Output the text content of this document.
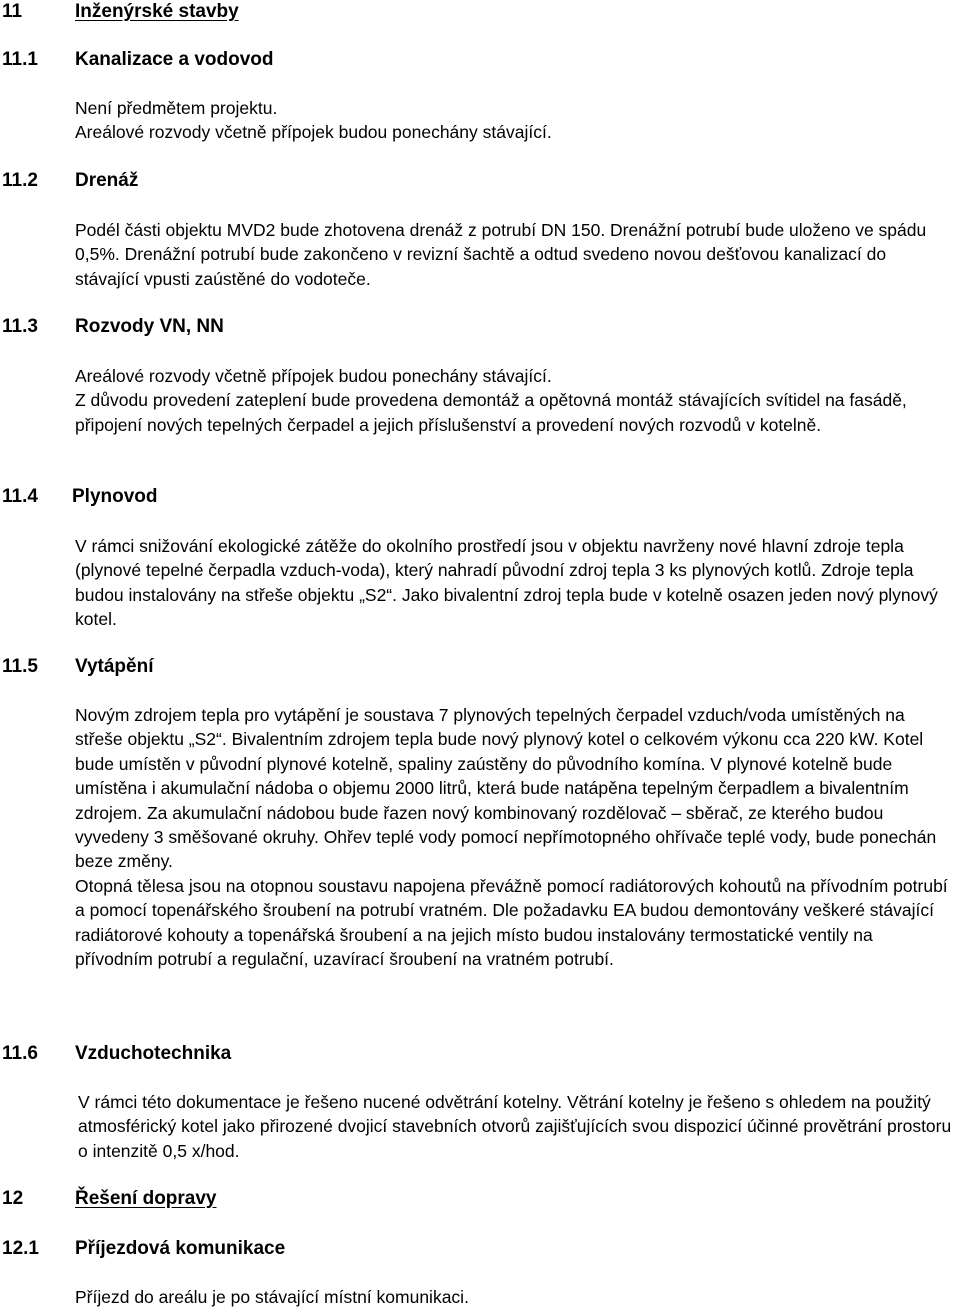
11	Inženýrské stavby
11.1 Kanalizace a vodovod

Není předmětem projektu.

Areálové rozvody včetně přípojek budou ponechány stávající.

11.2 Drenáž

Podél části objektu MVD2 bude zhotovena drenáž z potrubí DN 150. Drenážní potrubí bude uloženo ve spádu 0,5%. Drenážní potrubí bude zakončeno v revizní šachtě a odtud svedeno novou dešťovou kanalizací do stávající vpusti zaústěné do vodoteče.

11.3 Rozvody VN, NN

Areálové rozvody včetně přípojek budou ponechány stávající.

Z důvodu provedení zateplení bude provedena demontáž a opětovná montáž stávajících svítidel na fasádě, připojení nových tepelných čerpadel a jejich příslušenství a provedení nových rozvodů v kotelně.

11.4 Plynovod

V rámci snižování ekologické zátěže do okolního prostředí jsou v objektu navrženy nové hlavní zdroje tepla (plynové tepelné čerpadla vzduch-voda), který nahradí původní zdroj tepla 3 ks plynových kotlů. Zdroje tepla budou instalovány na střeše objektu „S2“. Jako bivalentní zdroj tepla bude v kotelně osazen jeden nový plynový kotel.

11.5 Vytápění

Novým zdrojem tepla pro vytápění je soustava 7 plynových tepelných čerpadel vzduch/voda umístěných na střeše objektu „S2“. Bivalentním zdrojem tepla bude nový plynový kotel o celkovém výkonu cca 220 kW. Kotel bude umístěn v původní plynové kotelně, spaliny zaústěny do původního komína. V plynové kotelně bude umístěna i akumulační nádoba o objemu 2000 litrů, která bude natápěna tepelným čerpadlem a bivalentním zdrojem. Za akumulační nádobou bude řazen nový kombinovaný rozdělovač – sběrač, ze kterého budou vyvedeny 3 směšované okruhy. Ohřev teplé vody pomocí nepřímotopného ohřívače teplé vody, bude ponechán beze změny.

Otopná tělesa jsou na otopnou soustavu napojena převážně pomocí radiátorových kohoutů na přívodním potrubí a pomocí topenářského šroubení na potrubí vratném. Dle požadavku EA budou demontovány veškeré stávající radiátorové kohouty a topenářská šroubení a na jejich místo budou instalovány termostatické ventily na přívodním potrubí a regulační, uzavírací šroubení na vratném potrubí.

11.6 Vzduchotechnika

V rámci této dokumentace je řešeno nucené odvětrání kotelny. Větrání kotelny je řešeno s ohledem na použitý atmosférický kotel jako přirozené dvojicí stavebních otvorů zajišťujících svou dispozicí účinné provětrání prostoru o intenzitě 0,5 x/hod.

12	Řešení dopravy
12.1 Příjezdová komunikace

Příjezd do areálu je po stávající místní komunikaci.
